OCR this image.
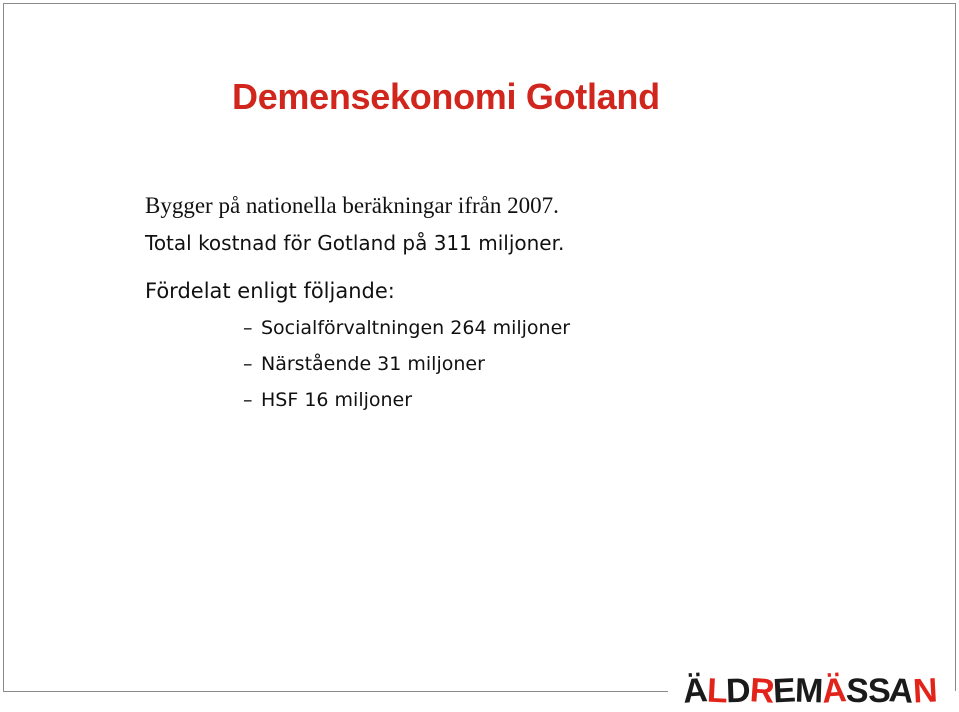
Demensekonomi Gotland

Bygger på nationella beräkningar ifrån 2007.

Total kostnad för Gotland på 311 miljoner.

Fördelat enligt följande:

– Socialförvaltningen 264 miljoner

– Närstående 31 miljoner

– HSF 16 miljoner

ÄLDREMÄSSAN
